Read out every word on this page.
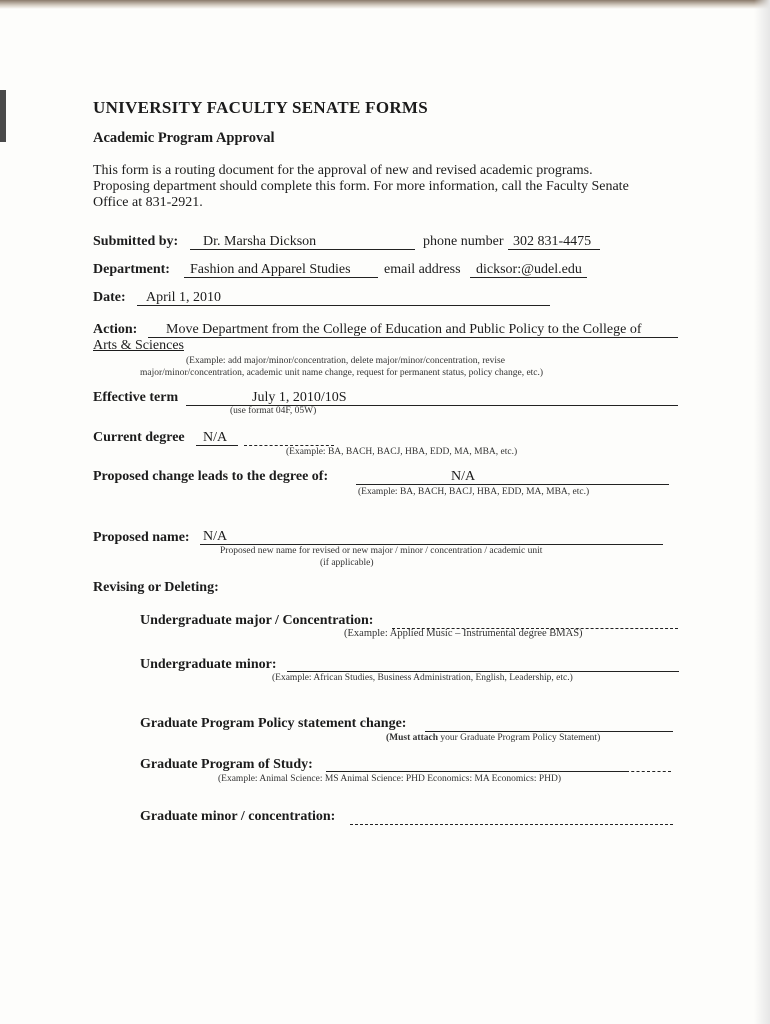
UNIVERSITY FACULTY SENATE FORMS
Academic Program Approval
This form is a routing document for the approval of new and revised academic programs.
Proposing department should complete this form. For more information, call the Faculty Senate
Office at 831-2921.
Submitted by: Dr. Marsha Dickson	phone number 302 831-4475
Department: Fashion and Apparel Studies email address dicksor:@udel.edu
Date: April 1, 2010
Action: Move Department from the College of Education and Public Policy to the College of
Arts & Sciences
(Example: add major/minor/concentration, delete major/minor/concentration, revise
major/minor/concentration, academic unit name change, request for permanent status, policy change, etc.)
Effective term	July 1, 2010/10S
(use format 04F, 05W)
Current degree N/A
(Example: BA, BACH, BACJ, HBA, EDD, MA, MBA, etc.)
Proposed change leads to the degree of:	N/A
(Example: BA, BACH, BACJ, HBA, EDD, MA, MBA, etc.)
Proposed name: N/A
Proposed new name for revised or new major / minor / concentration / academic unit
(if applicable)
Revising or Deleting:
Undergraduate major / Concentration:
(Example: Applied Music – Instrumental degree BMAS)
Undergraduate minor:
(Example: African Studies, Business Administration, English, Leadership, etc.)
Graduate Program Policy statement change:
(Must attach your Graduate Program Policy Statement)
Graduate Program of Study:
(Example: Animal Science: MS Animal Science: PHD Economics: MA Economics: PHD)
Graduate minor / concentration:
